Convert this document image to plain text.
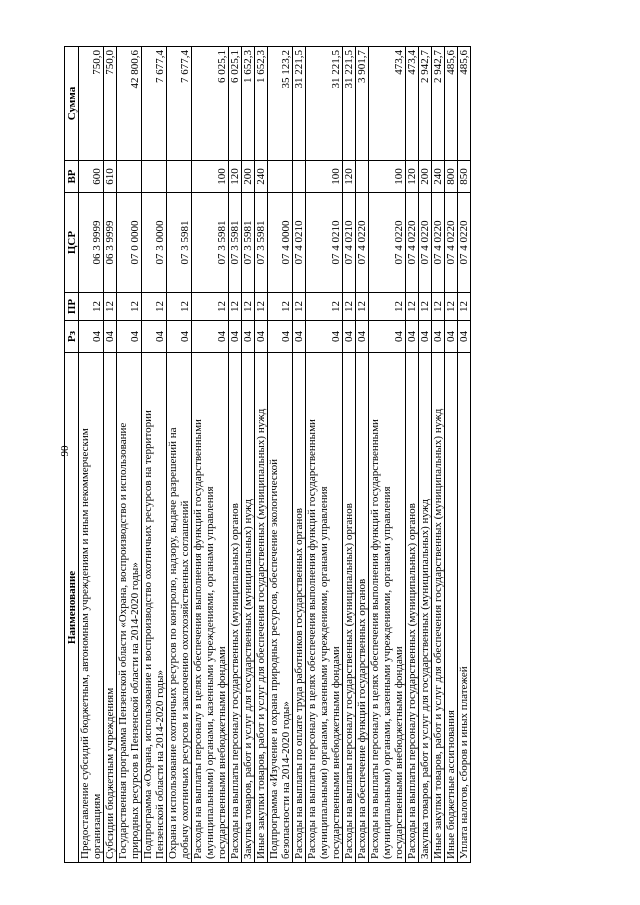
90
Наименование	Рз	ПР	ЦСР	ВР	Сумма
Предоставление субсидий бюджетным, автономным учреждениям и иным некоммерческим
организациям	04	12	06 3 9999	600	750,0
Субсидии бюджетным учреждениям	04	12	06 3 9999	610	750,0
Государственная программа Пензенской области «Охрана, воспроизводство и использование
природных ресурсов в Пензенской области на 2014-2020 годы»	04	12	07 0 0000		42 800,6
Подпрограмма «Охрана, использование и воспроизводство охотничьих ресурсов на территории
Пензенской области на 2014-2020 годы»	04	12	07 3 0000		7 677,4
Охрана и использование охотничьих ресурсов по контролю, надзору, выдаче разрешений на
добычу охотничьих ресурсов и заключению охотхозяйственных соглашений	04	12	07 3 5981		7 677,4
Расходы на выплаты персоналу в целях обеспечения выполнения функций государственными
(муниципальными) органами, казенными учреждениями, органами управления
государственными внебюджетными фондами	04	12	07 3 5981	100	6 025,1
Расходы на выплаты персоналу государственных (муниципальных) органов	04	12	07 3 5981	120	6 025,1
Закупка товаров, работ и услуг для государственных (муниципальных) нужд	04	12	07 3 5981	200	1 652,3
Иные закупки товаров, работ и услуг для обеспечения государственных (муниципальных) нужд	04	12	07 3 5981	240	1 652,3
Подпрограмма «Изучение и охрана природных ресурсов, обеспечение экологической
безопасности на 2014-2020 годы»	04	12	07 4 0000		35 123,2
Расходы на выплаты по оплате труда работников государственных органов	04	12	07 4 0210		31 221,5
Расходы на выплаты персоналу в целях обеспечения выполнения функций государственными
(муниципальными) органами, казенными учреждениями, органами управления
государственными внебюджетными фондами	04	12	07 4 0210	100	31 221,5
Расходы на выплаты персоналу государственных (муниципальных) органов	04	12	07 4 0210	120	31 221,5
Расходы на обеспечение функций государственных органов	04	12	07 4 0220		3 901,7
Расходы на выплаты персоналу в целях обеспечения выполнения функций государственными
(муниципальными) органами, казенными учреждениями, органами управления
государственными внебюджетными фондами	04	12	07 4 0220	100	473,4
Расходы на выплаты персоналу государственных (муниципальных) органов	04	12	07 4 0220	120	473,4
Закупка товаров, работ и услуг для государственных (муниципальных) нужд	04	12	07 4 0220	200	2 942,7
Иные закупки товаров, работ и услуг для обеспечения государственных (муниципальных) нужд	04	12	07 4 0220	240	2 942,7
Иные бюджетные ассигнования	04	12	07 4 0220	800	485,6
Уплата налогов, сборов и иных платежей	04	12	07 4 0220	850	485,6
